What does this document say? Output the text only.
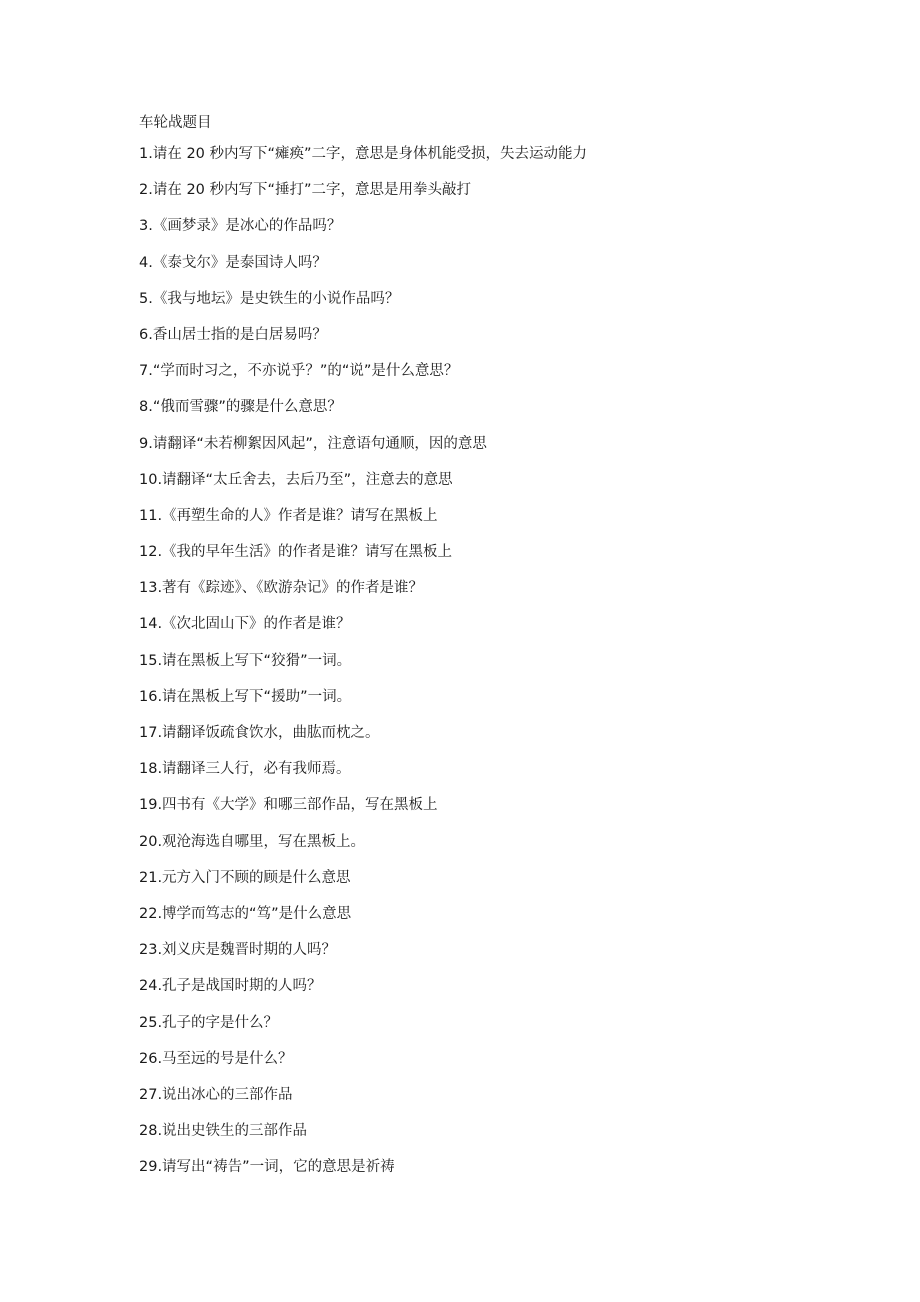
车轮战题目
1.请在 20 秒内写下“瘫痪”二字，意思是身体机能受损，失去运动能力
2.请在 20 秒内写下“捶打”二字，意思是用拳头敲打
3.《画梦录》是冰心的作品吗？
4.《泰戈尔》是泰国诗人吗？
5.《我与地坛》是史铁生的小说作品吗？
6.香山居士指的是白居易吗？
7.“学而时习之，不亦说乎？”的“说”是什么意思？
8.“俄而雪骤”的骤是什么意思？
9.请翻译“未若柳絮因风起”，注意语句通顺，因的意思
10.请翻译“太丘舍去，去后乃至”，注意去的意思
11.《再塑生命的人》作者是谁？请写在黑板上
12.《我的早年生活》的作者是谁？请写在黑板上
13.著有《踪迹》、《欧游杂记》的作者是谁？
14.《次北固山下》的作者是谁？
15.请在黑板上写下“狡猾”一词。
16.请在黑板上写下“援助”一词。
17.请翻译饭疏食饮水，曲肱而枕之。
18.请翻译三人行，必有我师焉。
19.四书有《大学》和哪三部作品，写在黑板上
20.观沧海选自哪里，写在黑板上。
21.元方入门不顾的顾是什么意思
22.博学而笃志的“笃”是什么意思
23.刘义庆是魏晋时期的人吗？
24.孔子是战国时期的人吗？
25.孔子的字是什么？
26.马至远的号是什么？
27.说出冰心的三部作品
28.说出史铁生的三部作品
29.请写出“祷告”一词，它的意思是祈祷
